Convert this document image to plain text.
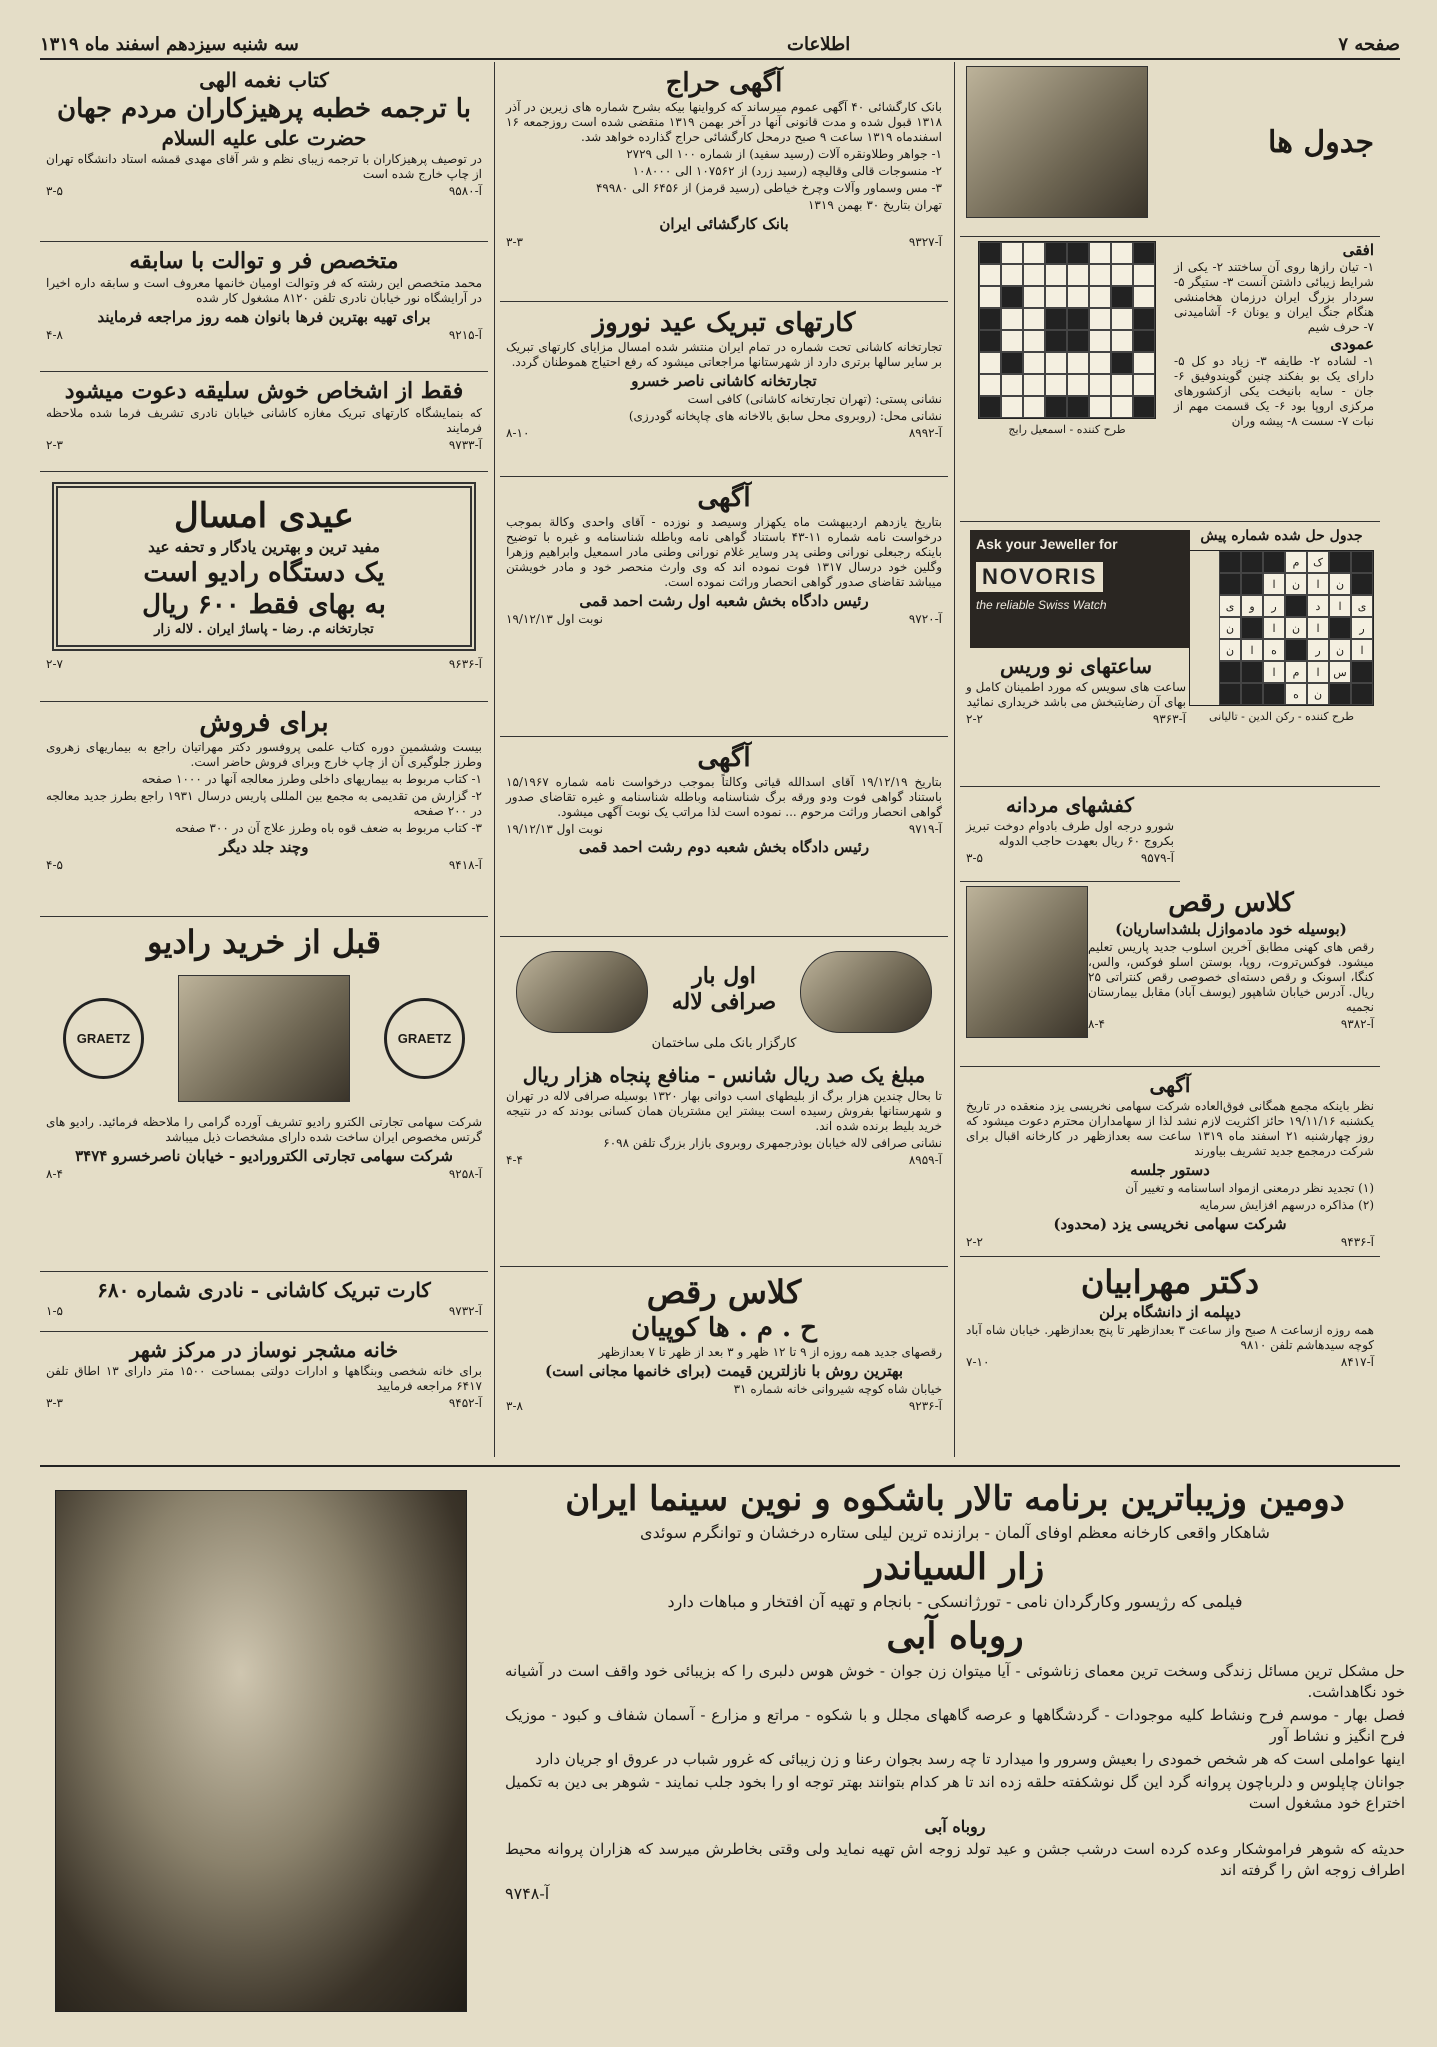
سه شنبه سیزدهم اسفند ماه ۱۳۱۹	اطلاعات	صفحه ۷
جدول ها
افقی

۱- تیان رازها روی آن ساختند ۲- یکی از شرایط زیبائی داشتن آنست ۳- ستیگر ۵- سردار بزرگ ایران درزمان هخامنشی هنگام جنگ ایران و یونان ۶- آشامیدنی ۷- حرف شیم

عمودی

۱- لشاده ۲- طایفه ۳- زیاد دو کل ۵- دارای یک بو بفکند چنین گویندوفیق ۶- جان - سایه بانیخت یکی ازکشورهای مرکزی اروپا بود ۶- یک قسمت مهم از نبات ۷- سست ۸- پیشه وران

طرح کننده - اسمعیل رایج
جدول حل شده شماره پیش
ک
م
ن
ا
ن
ا
ی
ا
د
ر
و
ی
ر
ا
ن
ا
ن
ا
ن
ر
ه
ا
ن
س
ا
م
ا
ن
ه
طرح کننده - رکن الدین - تالیانی
Ask your Jeweller for
NOVORIS
the reliable Swiss Watch
ساعتهای نو وریس

ساعت های سویس که مورد اطمینان کامل و بهای آن رضایتبخش می باشد خریداری نمائید

آ-۹۳۶۳
۲-۲
کفشهای مردانه

شورو درجه اول طرف بادوام دوخت تبریز بکروج ۶۰ ریال بعهدت حاجب الدوله

آ-۹۵۷۹
۳-۵
کلاس رقص
(بوسیله خود مادموازل بلشداساریان)

رقص های کهنی مطابق آخرین اسلوب جدید پاریس تعلیم میشود. فوکس‌تروت، روپا، بوستن اسلو فوکس، والس، کنگا، اسونک و رقص دسته‌ای خصوصی رقص کنتراتی ۲۵ ریال. آدرس خیابان شاهپور (یوسف آباد) مقابل بیمارستان نجمیه

آ-۹۳۸۲
۸-۴
آگهی

نظر باینکه مجمع همگانی فوق‌العاده شرکت سهامی نخریسی یزد منعقده در تاریخ یکشنبه ۱۹/۱۱/۱۶ حائز اکثریت لازم نشد لذا از سهامداران محترم دعوت میشود که روز چهارشنبه ۲۱ اسفند ماه ۱۳۱۹ ساعت سه بعدازظهر در کارخانه اقبال برای شرکت درمجمع جدید تشریف بیاورند

دستور جلسه

(۱) تجدید نظر درمعنی ازمواد اساسنامه و تغییر آن

(۲) مذاکره درسهم افزایش سرمایه

شرکت سهامی نخریسی یزد (محدود)
آ-۹۴۳۶
۲-۲
دکتر مهرابیان
دیپلمه از دانشگاه برلن

همه روزه ازساعت ۸ صبح واز ساعت ۳ بعدازظهر تا پنج بعدازظهر. خیابان شاه آباد کوچه سیدهاشم تلفن ۹۸۱۰

آ-۸۴۱۷
۷-۱۰
آگهی حراج

بانک کارگشائی ۴۰ آگهی عموم میرساند که کرواینها بیکه بشرح شماره های زیرین در آذر ۱۳۱۸ قبول شده و مدت قانونی آنها در آخر بهمن ۱۳۱۹ منقضی شده است روزجمعه ۱۶ اسفندماه ۱۳۱۹ ساعت ۹ صبح درمحل کارگشائی حراج گذارده خواهد شد.

۱- جواهر وطلاونقره آلات (رسید سفید) از شماره ۱۰۰ الی ۲۷۲۹

۲- منسوجات قالی وقالیچه (رسید زرد) از ۱۰۷۵۶۲ الی ۱۰۸۰۰۰

۳- مس وسماور وآلات وچرخ خیاطی (رسید قرمز) از ۶۴۵۶ الی ۴۹۹۸۰

تهران بتاریخ ۳۰ بهمن ۱۳۱۹

بانک کارگشائی ایران
آ-۹۳۲۷
۳-۳
کارتهای تبریک عید نوروز

تجارتخانه کاشانی تحت شماره در تمام ایران منتشر شده امسال مزایای کارتهای تبریک بر سایر سالها برتری دارد از شهرستانها مراجعاتی میشود که رفع احتیاج هموطنان گردد.

تجارتخانه کاشانی ناصر خسرو

نشانی پستی: (تهران تجارتخانه کاشانی) کافی است

نشانی محل: (روبروی محل سابق بالاخانه های چاپخانه گودرزی)

آ-۸۹۹۲
۸-۱۰
آگهی

بتاریخ یازدهم اردیبهشت ماه یکهزار وسیصد و نوزده - آقای واحدی وکالة بموجب درخواست نامه شماره ۱۱-۴۳ باستناد گواهی نامه وباطله شناسنامه و غیره با توضیح باینکه رجبعلی نورانی وطنی پدر وسایر غلام نورانی وطنی مادر اسمعیل وابراهیم وزهرا وگلین خود درسال ۱۳۱۷ فوت نموده اند که وی وارث منحصر خود و مادر خویشتن میباشد تقاضای صدور گواهی انحصار وراثت نموده است.

رئیس دادگاه بخش شعبه اول رشت احمد قمی
آ-۹۷۲۰
نوبت اول ۱۹/۱۲/۱۳
آگهی

بتاریخ ۱۹/۱۲/۱۹ آقای اسدالله قیاتی وکالتاً بموجب درخواست نامه شماره ۱۵/۱۹۶۷ باستناد گواهی فوت ودو ورقه برگ شناسنامه وباطله شناسنامه و غیره تقاضای صدور گواهی انحصار وراثت مرحوم ... نموده است لذا مراتب یک نوبت آگهی میشود.

آ-۹۷۱۹
نوبت اول ۱۹/۱۲/۱۳
رئیس دادگاه بخش شعبه دوم رشت احمد قمی
اول بار صرافی لاله
کارگزار بانک ملی ساختمان
مبلغ یک صد ریال شانس - منافع پنجاه هزار ریال

تا بحال چندین هزار برگ از بلیطهای اسب دوانی بهار ۱۳۲۰ بوسیله صرافی لاله در تهران و شهرستانها بفروش رسیده است بیشتر این مشتریان همان کسانی بودند که در نتیجه خرید بلیط برنده شده اند.

نشانی صرافی لاله خیابان بوذرجمهری روبروی بازار بزرگ تلفن ۶۰۹۸

آ-۸۹۵۹
۴-۴
کلاس رقص
ح . م . ها کوپیان

رقصهای جدید همه روزه از ۹ تا ۱۲ ظهر و ۳ بعد از ظهر تا ۷ بعدازظهر

بهترین روش با نازلترین قیمت (برای خانمها مجانی است)

خیابان شاه کوچه شیروانی خانه شماره ۳۱

آ-۹۲۳۶
۳-۸
کتاب نغمه الهی
با ترجمه خطبه پرهیزکاران مردم جهان
حضرت علی علیه السلام

در توصیف پرهیزکاران با ترجمه زیبای نظم و شر آقای مهدی قمشه استاد دانشگاه تهران از چاپ خارج شده است

آ-۹۵۸۰
۳-۵
متخصص فر و توالت با سابقه

محمد متخصص این رشته که فر وتوالت اومیان خانمها معروف است و سابقه داره اخیرا در آرایشگاه نور خیابان نادری تلفن ۸۱۲۰ مشغول کار شده

برای تهیه بهترین فرها بانوان همه روز مراجعه فرمایند
آ-۹۲۱۵
۴-۸
فقط از اشخاص خوش سلیقه دعوت میشود

که بنمایشگاه کارتهای تبریک مغازه کاشانی خیابان نادری تشریف فرما شده ملاحظه فرمایند

آ-۹۷۳۳
۲-۳
عیدی امسال
مفید ترین و بهترین یادگار و تحفه عید
یک دستگاه رادیو است
به بهای فقط ۶۰۰ ریال
تجارتخانه م. رضا - پاساژ ایران . لاله زار
آ-۹۶۳۶
۲-۷
برای فروش

بیست وششمین دوره کتاب علمی پروفسور دکتر مهراتیان راجع به بیماریهای زهروی وطرز جلوگیری آن از چاپ خارج وبرای فروش حاضر است.

۱- کتاب مربوط به بیماریهای داخلی وطرز معالجه آنها در ۱۰۰۰ صفحه

۲- گزارش من تقدیمی به مجمع بین المللی پاریس درسال ۱۹۳۱ راجع بطرز جدید معالجه در ۲۰۰ صفحه

۳- کتاب مربوط به ضعف قوه باه وطرز علاج آن در ۳۰۰ صفحه

وچند جلد دیگر
آ-۹۴۱۸
۴-۵
قبل از خرید رادیو
GRAETZ	GRAETZ

شرکت سهامی تجارتی الکترو رادیو تشریف آورده گرامی را ملاحظه فرمائید. رادیو های گرتس مخصوص ایران ساخت شده دارای مشخصات ذیل میباشد

شرکت سهامی تجارتی الکترورادیو - خیابان ناصرخسرو ۳۴۷۴
آ-۹۲۵۸
۸-۴
کارت تبریک کاشانی - نادری شماره ۶۸۰
آ-۹۷۳۲
۱-۵
خانه مشجر نوساز در مرکز شهر

برای خانه شخصی وبنگاهها و ادارات دولتی بمساحت ۱۵۰۰ متر دارای ۱۳ اطاق تلفن ۶۴۱۷ مراجعه فرمایید

آ-۹۴۵۲
۳-۳
دومین وزیباترین برنامه تالار باشکوه و نوین سینما ایران
شاهکار واقعی کارخانه معظم اوفای آلمان - برازنده ترین لیلی ستاره درخشان و توانگرم سوئدی
زار السیاندر
فیلمی که رژیسور وکارگردان نامی - تورژانسکی - بانجام و تهیه آن افتخار و مباهات دارد
روباه آبی

حل مشکل ترین مسائل زندگی وسخت ترین معمای زناشوئی - آیا میتوان زن جوان - خوش هوس دلبری را که بزیبائی خود واقف است در آشیانه خود نگاهداشت.

فصل بهار - موسم فرح ونشاط کلیه موجودات - گردشگاهها و عرصه گاههای مجلل و با شکوه - مراتع و مزارع - آسمان شفاف و کبود - موزیک فرح انگیز و نشاط آور

اینها عواملی است که هر شخص خمودی را بعیش وسرور وا میدارد تا چه رسد بجوان رعنا و زن زیبائی که غرور شباب در عروق او جریان دارد

جوانان چاپلوس و دلرباچون پروانه گرد این گل نوشکفته حلقه زده اند تا هر کدام بتوانند بهتر توجه او را بخود جلب نمایند - شوهر بی دین به تکمیل اختراع خود مشغول است

روباه آبی

حدیثه که شوهر فراموشکار وعده کرده است درشب جشن و عید تولد زوجه اش تهیه نماید ولی وقتی بخاطرش میرسد که هزاران پروانه محیط اطراف زوجه اش را گرفته اند

آ-۹۷۴۸
